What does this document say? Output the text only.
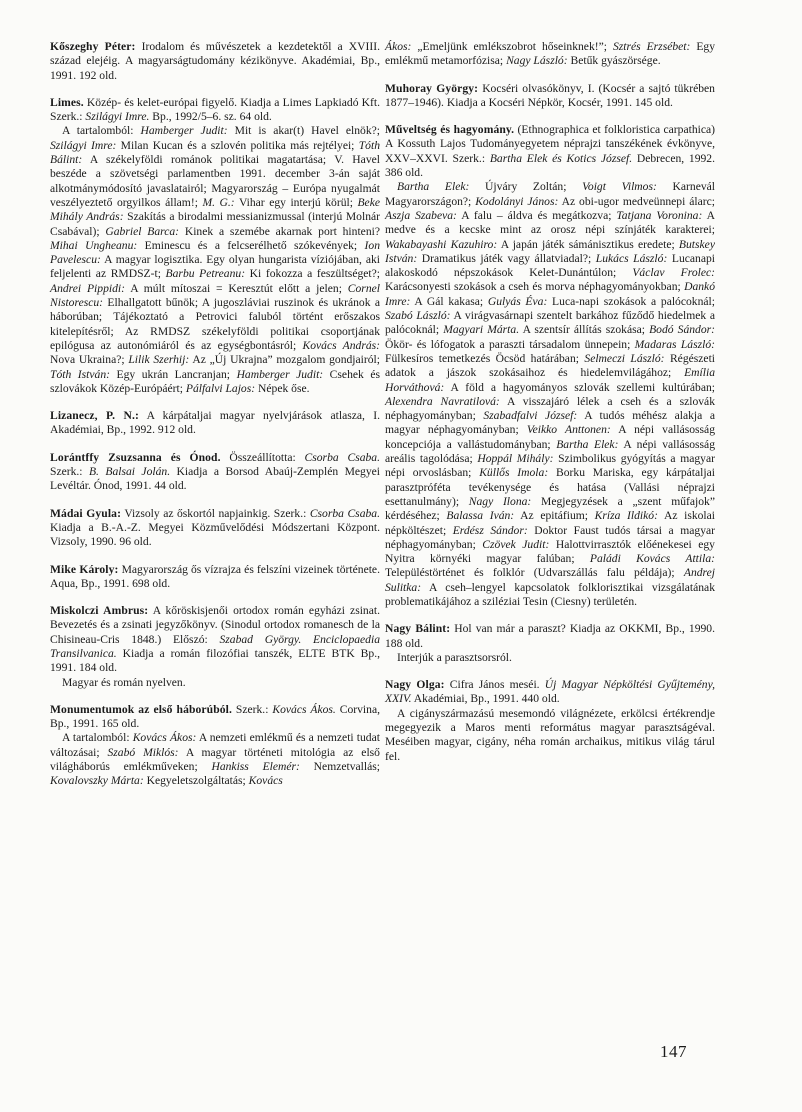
Kőszeghy Péter: Irodalom és művészetek a kezdetektől a XVIII. század elejéig. A magyarságtudomány kézikönyve. Akadémiai, Bp., 1991. 192 old.

Limes. Közép- és kelet-európai figyelő. Kiadja a Limes Lapkiadó Kft. Szerk.: Szilágyi Imre. Bp., 1992/5–6. sz. 64 old.

A tartalomból: Hamberger Judit: Mit is akar(t) Havel elnök?; Szilágyi Imre: Milan Kucan és a szlovén politika más rejtélyei; Tóth Bálint: A székelyföldi románok politikai magatartása; V. Havel beszéde a szövetségi parlamentben 1991. december 3-án saját alkotmánymódosító javaslatairól; Magyarország – Európa nyugalmát veszélyeztető orgyilkos állam!; M. G.: Vihar egy interjú körül; Beke Mihály András: Szakítás a birodalmi messianizmussal (interjú Molnár Csabával); Gabriel Barca: Kinek a szemébe akarnak port hinteni? Mihai Ungheanu: Eminescu és a felcserélhető szókevények; Ion Pavelescu: A magyar logisztika. Egy olyan hungarista víziójában, aki feljelenti az RMDSZ-t; Barbu Petreanu: Ki fokozza a feszültséget?; Andrei Pippidi: A múlt mítoszai = Keresztút előtt a jelen; Cornel Nistorescu: Elhallgatott bűnök; A jugoszláviai ruszinok és ukránok a háborúban; Tájékoztató a Petrovici faluból történt erőszakos kitelepítésről; Az RMDSZ székelyföldi politikai csoportjának epilógusa az autonómiáról és az egységbontásról; Kovács András: Nova Ukraina?; Lilik Szerhij: Az „Új Ukrajna” mozgalom gondjairól; Tóth István: Egy ukrán Lancranjan; Hamberger Judit: Csehek és szlovákok Közép-Európáért; Pálfalvi Lajos: Népek őse.

Lizanecz, P. N.: A kárpátaljai magyar nyelvjárások atlasza, I. Akadémiai, Bp., 1992. 912 old.

Lorántffy Zsuzsanna és Ónod. Összeállította: Csorba Csaba. Szerk.: B. Balsai Jolán. Kiadja a Borsod Abaúj-Zemplén Megyei Levéltár. Ónod, 1991. 44 old.

Mádai Gyula: Vizsoly az őskortól napjainkig. Szerk.: Csorba Csaba. Kiadja a B.-A.-Z. Megyei Közművelődési Módszertani Központ. Vizsoly, 1990. 96 old.

Mike Károly: Magyarország ős vízrajza és felszíni vizeinek története. Aqua, Bp., 1991. 698 old.

Miskolczi Ambrus: A kőröskisjenői ortodox román egyházi zsinat. Bevezetés és a zsinati jegyzőkönyv. (Sinodul ortodox romanesch de la Chisineau-Cris 1848.) Előszó: Szabad György. Enciclopaedia Transilvanica. Kiadja a román filozófiai tanszék, ELTE BTK Bp., 1991. 184 old.

Magyar és román nyelven.

Monumentumok az első háborúból. Szerk.: Kovács Ákos. Corvina, Bp., 1991. 165 old.

A tartalomból: Kovács Ákos: A nemzeti emlékmű és a nemzeti tudat változásai; Szabó Miklós: A magyar történeti mitológia az első világháborús emlékműveken; Hankiss Elemér: Nemzetvallás; Kovalovszky Márta: Kegyeletszolgáltatás; Kovács

Ákos: „Emeljünk emlékszobrot hőseinknek!”; Sztrés Erzsébet: Egy emlékmű metamorfózisa; Nagy László: Betűk gyászörsége.

Muhoray György: Kocséri olvasókönyv, I. (Kocsér a sajtó tükrében 1877–1946). Kiadja a Kocséri Népkör, Kocsér, 1991. 145 old.

Műveltség és hagyomány. (Ethnographica et folkloristica carpathica) A Kossuth Lajos Tudományegyetem néprajzi tanszékének évkönyve, XXV–XXVI. Szerk.: Bartha Elek és Kotics József. Debrecen, 1992. 386 old.

Bartha Elek: Újváry Zoltán; Voigt Vilmos: Karnevál Magyarországon?; Kodolányi János: Az obi-ugor medveünnepi álarc; Aszja Szabeva: A falu – áldva és megátkozva; Tatjana Voronina: A medve és a kecske mint az orosz népi színjáték karakterei; Wakabayashi Kazuhiro: A japán játék sámánisztikus eredete; Butskey István: Dramatikus játék vagy állatviadal?; Lukács László: Lucanapi alakoskodó népszokások Kelet-Dunántúlon; Václav Frolec: Karácsonyesti szokások a cseh és morva néphagyományokban; Dankó Imre: A Gál kakasa; Gulyás Éva: Luca-napi szokások a palócoknál; Szabó László: A virágvasárnapi szentelt barkához fűződő hiedelmek a palócoknál; Magyari Márta. A szentsír állítás szokása; Bodó Sándor: Ökör- és lófogatok a paraszti társadalom ünnepein; Madaras László: Fülkesíros temetkezés Öcsöd határában; Selmeczi László: Régészeti adatok a jászok szokásaihoz és hiedelemvilágához; Emília Horváthová: A föld a hagyományos szlovák szellemi kultúrában; Alexendra Navratilová: A visszajáró lélek a cseh és a szlovák néphagyományban; Szabadfalvi József: A tudós méhész alakja a magyar néphagyományban; Veikko Anttonen: A népi vallásosság koncepciója a vallástudományban; Bartha Elek: A népi vallásosság areális tagolódása; Hoppál Mihály: Szimbolikus gyógyítás a magyar népi orvoslásban; Küllős Imola: Borku Mariska, egy kárpátaljai parasztpróféta tevékenysége és hatása (Vallási néprajzi esettanulmány); Nagy Ilona: Megjegyzések a „szent műfajok” kérdéséhez; Balassa Iván: Az epitáfium; Kríza Ildikó: Az iskolai népköltészet; Erdész Sándor: Doktor Faust tudós társai a magyar néphagyományban; Czövek Judit: Halottvirrasztók előénekesei egy Nyitra környéki magyar falúban; Paládi Kovács Attila: Településtörténet és folklór (Udvarszállás falu példája); Andrej Sulitka: A cseh–lengyel kapcsolatok folklorisztikai vizsgálatának problematikájához a sziléziai Tesin (Ciesny) területén.

Nagy Bálint: Hol van már a paraszt? Kiadja az OKKMI, Bp., 1990. 188 old.

Interjúk a parasztsorsról.

Nagy Olga: Cifra János meséi. Új Magyar Népköltési Gyűjtemény, XXIV. Akadémiai, Bp., 1991. 440 old.

A cigányszármazású mesemondó világnézete, erkölcsi értékrendje megegyezik a Maros menti református magyar parasztságéval. Meséiben magyar, cigány, néha román archaikus, mitikus világ tárul fel.

147
